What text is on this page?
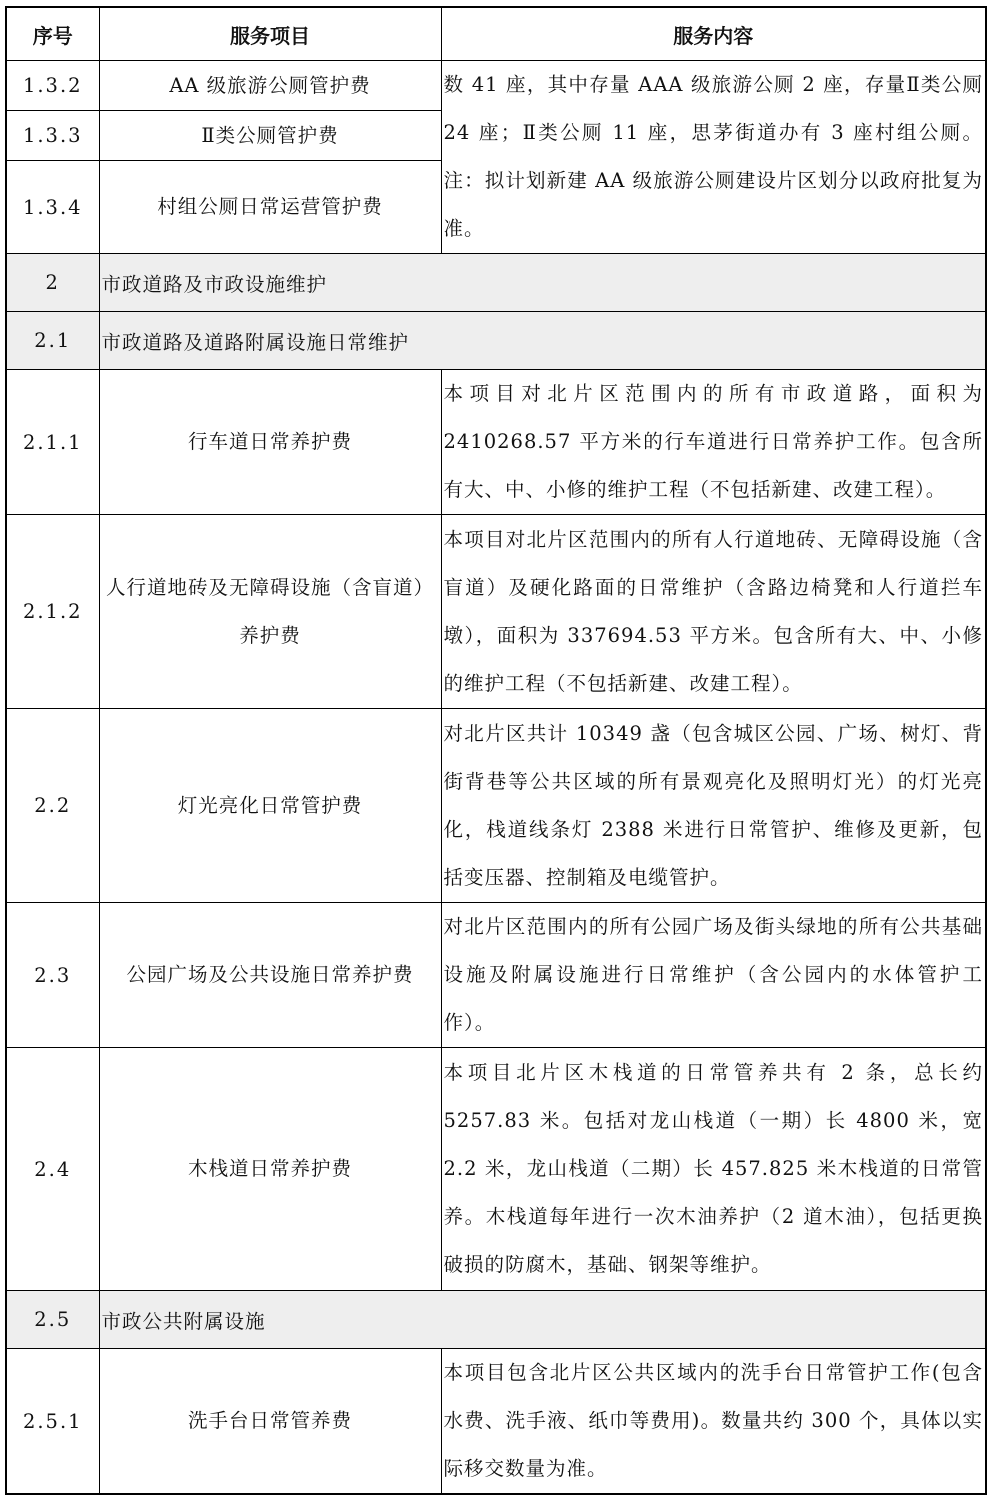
序号	服务项目	服务内容
1.3.2	AA 级旅游公厕管护费	数 41 座，其中存量 AAA 级旅游公厕 2 座，存量Ⅱ类公厕 24 座；Ⅱ类公厕 11 座，思茅街道办有 3 座村组公厕。注：拟计划新建 AA 级旅游公厕建设片区划分以政府批复为准。
1.3.3	Ⅱ类公厕管护费	
1.3.4	村组公厕日常运营管护费	
2	市政道路及市政设施维护	
2.1	市政道路及道路附属设施日常维护	
2.1.1	行车道日常养护费	本项目对北片区范围内的所有市政道路，面积为 2410268.57 平方米的行车道进行日常养护工作。包含所有大、中、小修的维护工程（不包括新建、改建工程）。
2.1.2	人行道地砖及无障碍设施（含盲道）养护费	本项目对北片区范围内的所有人行道地砖、无障碍设施（含盲道）及硬化路面的日常维护（含路边椅凳和人行道拦车墩），面积为 337694.53 平方米。包含所有大、中、小修的维护工程（不包括新建、改建工程）。
2.2	灯光亮化日常管护费	对北片区共计 10349 盏（包含城区公园、广场、树灯、背街背巷等公共区域的所有景观亮化及照明灯光）的灯光亮化，栈道线条灯 2388 米进行日常管护、维修及更新，包括变压器、控制箱及电缆管护。
2.3	公园广场及公共设施日常养护费	对北片区范围内的所有公园广场及街头绿地的所有公共基础设施及附属设施进行日常维护（含公园内的水体管护工作）。
2.4	木栈道日常养护费	本项目北片区木栈道的日常管养共有 2 条，总长约 5257.83 米。包括对龙山栈道（一期）长 4800 米，宽 2.2 米，龙山栈道（二期）长 457.825 米木栈道的日常管养。木栈道每年进行一次木油养护（2 道木油），包括更换破损的防腐木，基础、钢架等维护。
2.5	市政公共附属设施	
2.5.1	洗手台日常管养费	本项目包含北片区公共区域内的洗手台日常管护工作(包含水费、洗手液、纸巾等费用)。数量共约 300 个，具体以实际移交数量为准。
